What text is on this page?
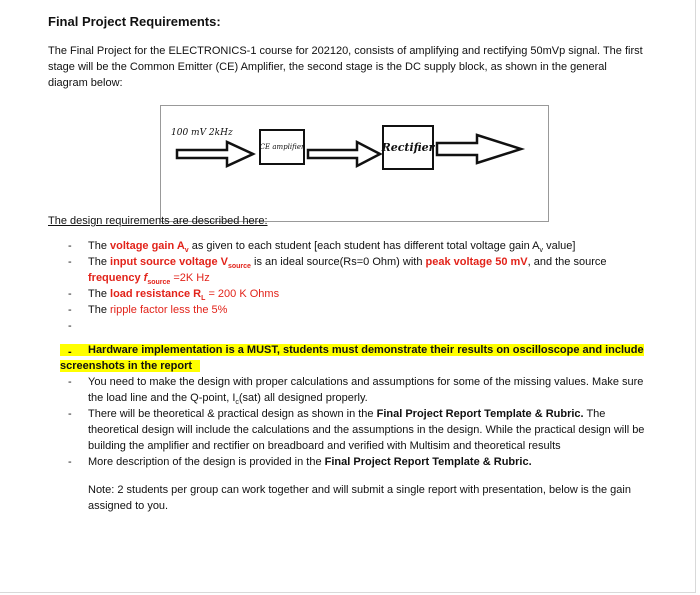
Final Project Requirements:
The Final Project for the ELECTRONICS-1 course for 202120, consists of amplifying and rectifying 50mVp signal. The first stage will be the Common Emitter (CE) Amplifier, the second stage is the DC supply block, as shown in the general diagram below:
100 mV 2kHz
CE amplifier	Rectifier
The design requirements are described here:
- The voltage gain $A_v$ as given to each student [each student has different total voltage gain $A_v$ value]
- The input source voltage $V_{source}$ is an ideal source(Rs=0 Ohm) with peak voltage 50 mV, and the source frequency $f_{source} =2K$ Hz
- The load resistance $R_L = 200$ K Ohms
- The ripple factor less the 5%
-

- Hardware implementation is a MUST, students must demonstrate their results on oscilloscope and include screenshots in the report
- You need to make the design with proper calculations and assumptions for some of the missing values. Make sure the load line and the Q-point, $I_c(sat)$ all designed properly.
- There will be theoretical & practical design as shown in the Final Project Report Template & Rubric. The theoretical design will include the calculations and the assumptions in the design. While the practical design will be building the amplifier and rectifier on breadboard and verified with Multisim and theoretical results
- More description of the design is provided in the Final Project Report Template & Rubric.
Note: 2 students per group can work together and will submit a single report with presentation, below is the gain assigned to you.
